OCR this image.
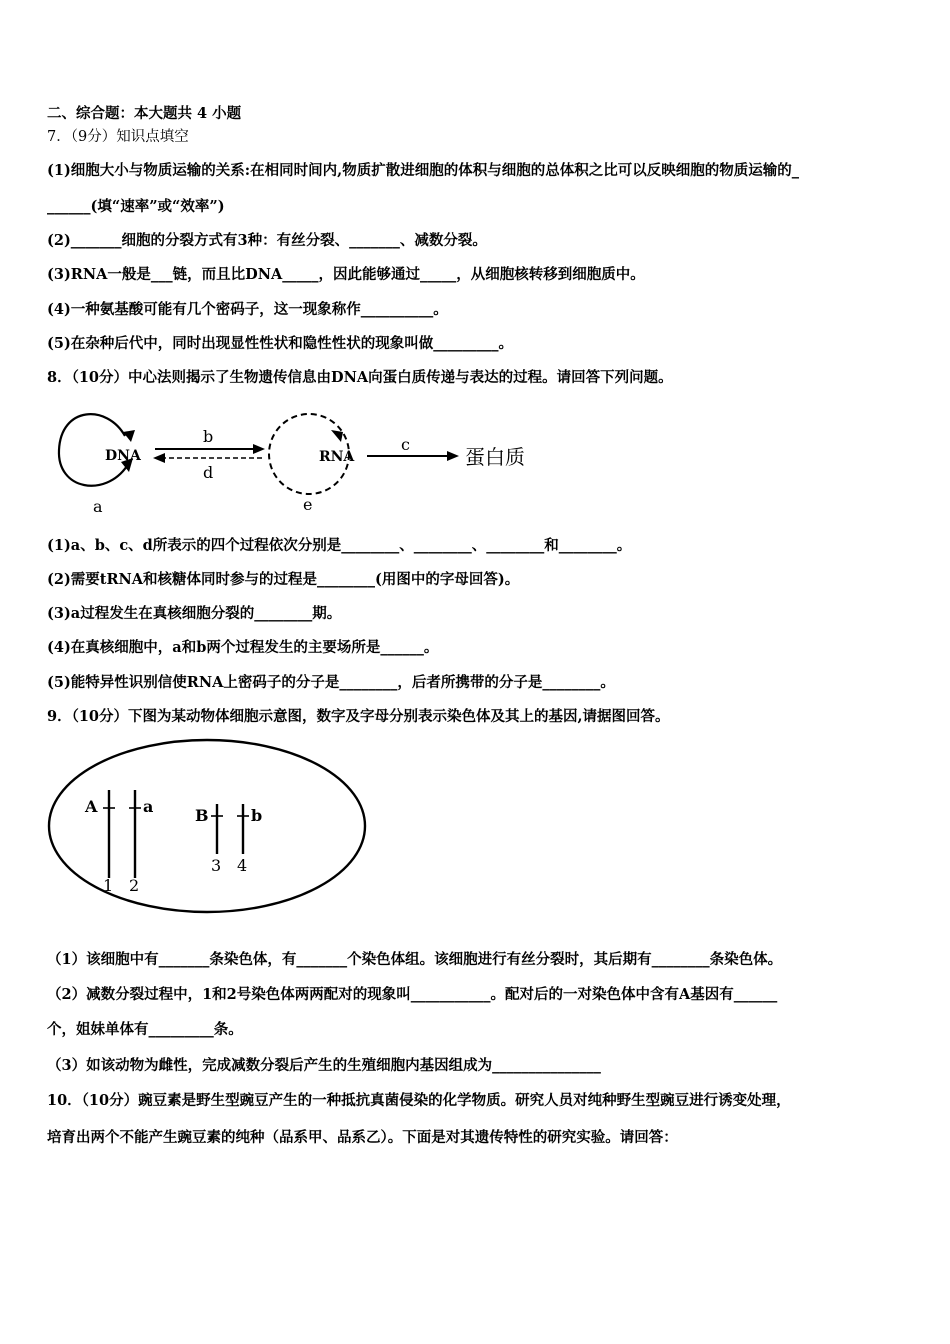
二、综合题：本大题共 4 小题
7．（9分）知识点填空
(1)细胞大小与物质运输的关系:在相同时间内,物质扩散进细胞的体积与细胞的总体积之比可以反映细胞的物质运输的_
______(填“速率”或“效率”)
(2)_______细胞的分裂方式有3种：有丝分裂、_______、减数分裂。
(3)RNA一般是___链，而且比DNA_____，因此能够通过_____，从细胞核转移到细胞质中。
(4)一种氨基酸可能有几个密码子，这一现象称作__________。
(5)在杂种后代中，同时出现显性性状和隐性性状的现象叫做_________。
8．（10分）中心法则揭示了生物遗传信息由DNA向蛋白质传递与表达的过程。请回答下列问题。
DNA
a
b
d
RNA
e
c
蛋白质
(1)a、b、c、d所表示的四个过程依次分别是________、________、________和________。
(2)需要tRNA和核糖体同时参与的过程是________(用图中的字母回答)。
(3)a过程发生在真核细胞分裂的________期。
(4)在真核细胞中，a和b两个过程发生的主要场所是______。
(5)能特异性识别信使RNA上密码子的分子是________，后者所携带的分子是________。
9．（10分）下图为某动物体细胞示意图，数字及字母分别表示染色体及其上的基因,请据图回答。
A
1
a
2
B
3
b
4
（1）该细胞中有_______条染色体，有_______个染色体组。该细胞进行有丝分裂时，其后期有________条染色体。
（2）减数分裂过程中，1和2号染色体两两配对的现象叫___________。配对后的一对染色体中含有A基因有______
个，姐妹单体有_________条。
（3）如该动物为雌性，完成减数分裂后产生的生殖细胞内基因组成为_______________
10．（10分）豌豆素是野生型豌豆产生的一种抵抗真菌侵染的化学物质。研究人员对纯种野生型豌豆进行诱变处理，
培育出两个不能产生豌豆素的纯种（品系甲、品系乙）。下面是对其遗传特性的研究实验。请回答：
